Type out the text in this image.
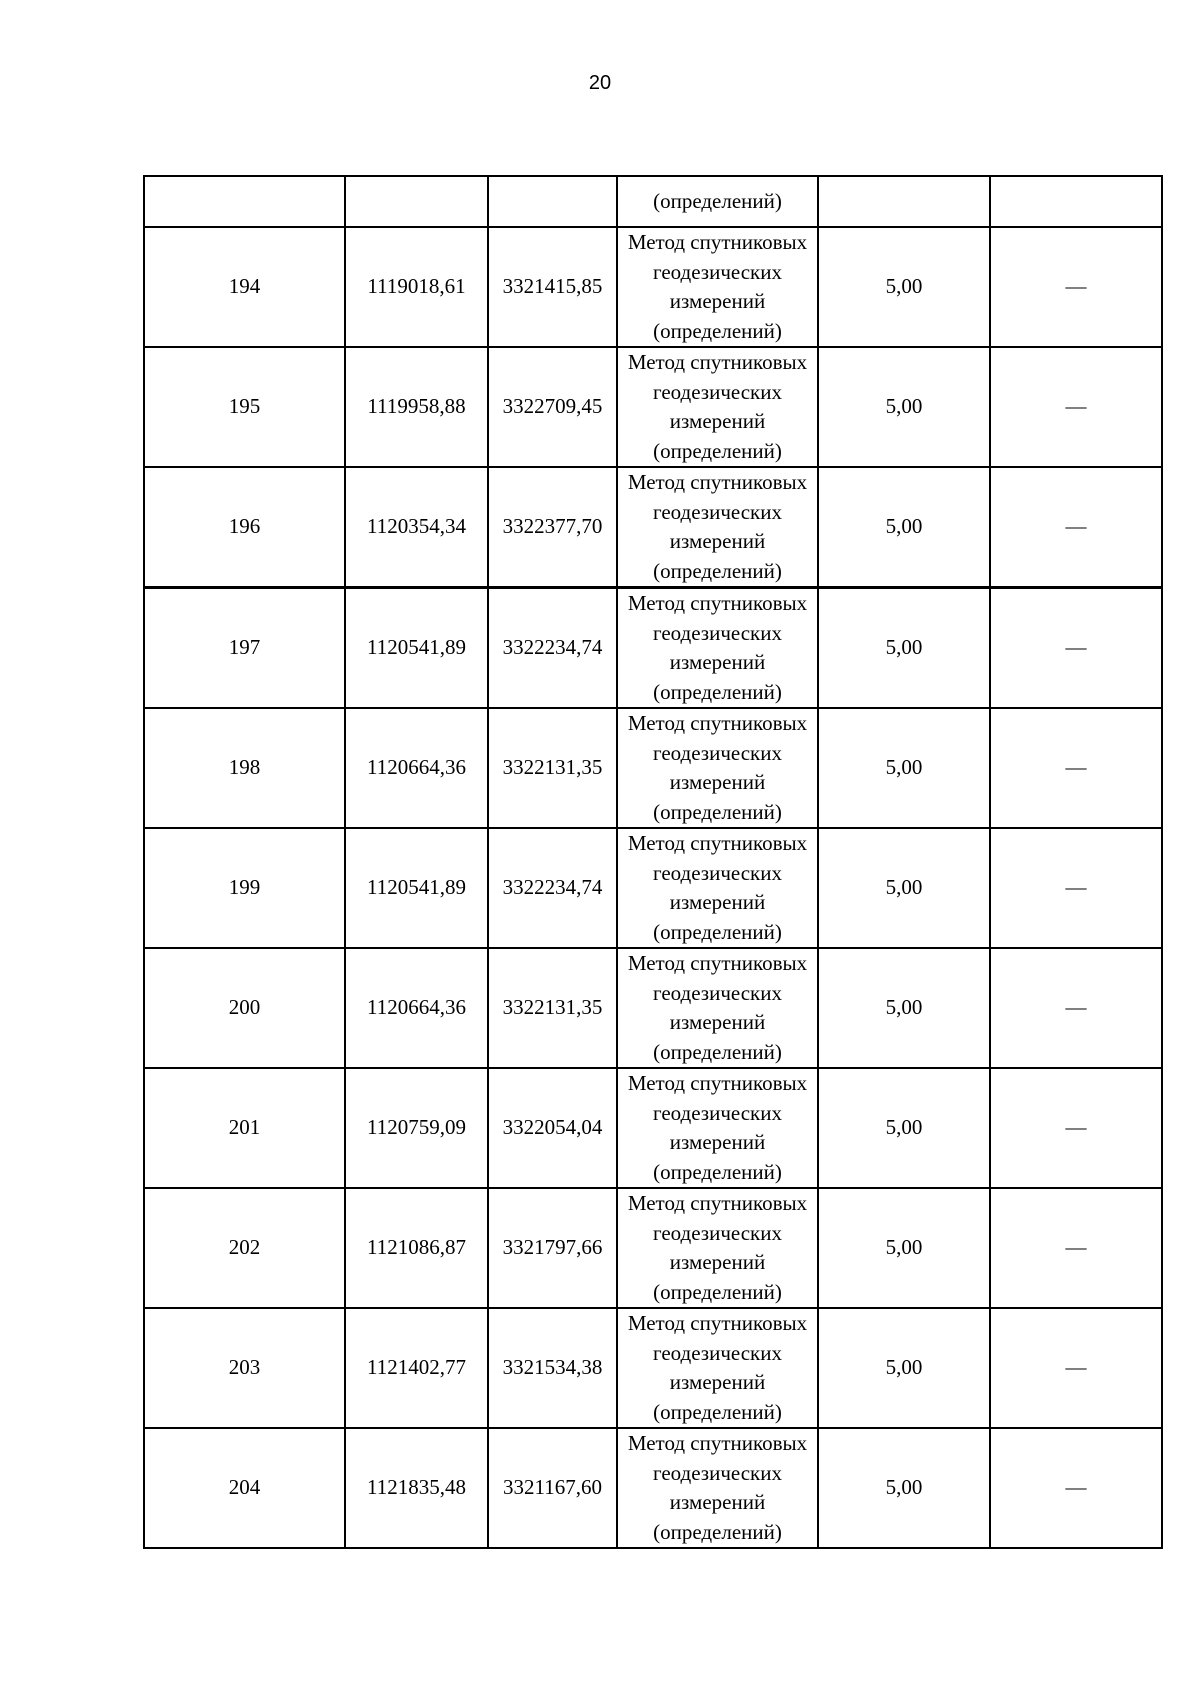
20
			(определений)		
194	1119018,61	3321415,85	Метод спутниковых
геодезических
измерений
(определений)	5,00	—
195	1119958,88	3322709,45	Метод спутниковых
геодезических
измерений
(определений)	5,00	—
196	1120354,34	3322377,70	Метод спутниковых
геодезических
измерений
(определений)	5,00	—
197	1120541,89	3322234,74	Метод спутниковых
геодезических
измерений
(определений)	5,00	—
198	1120664,36	3322131,35	Метод спутниковых
геодезических
измерений
(определений)	5,00	—
199	1120541,89	3322234,74	Метод спутниковых
геодезических
измерений
(определений)	5,00	—
200	1120664,36	3322131,35	Метод спутниковых
геодезических
измерений
(определений)	5,00	—
201	1120759,09	3322054,04	Метод спутниковых
геодезических
измерений
(определений)	5,00	—
202	1121086,87	3321797,66	Метод спутниковых
геодезических
измерений
(определений)	5,00	—
203	1121402,77	3321534,38	Метод спутниковых
геодезических
измерений
(определений)	5,00	—
204	1121835,48	3321167,60	Метод спутниковых
геодезических
измерений
(определений)	5,00	—
